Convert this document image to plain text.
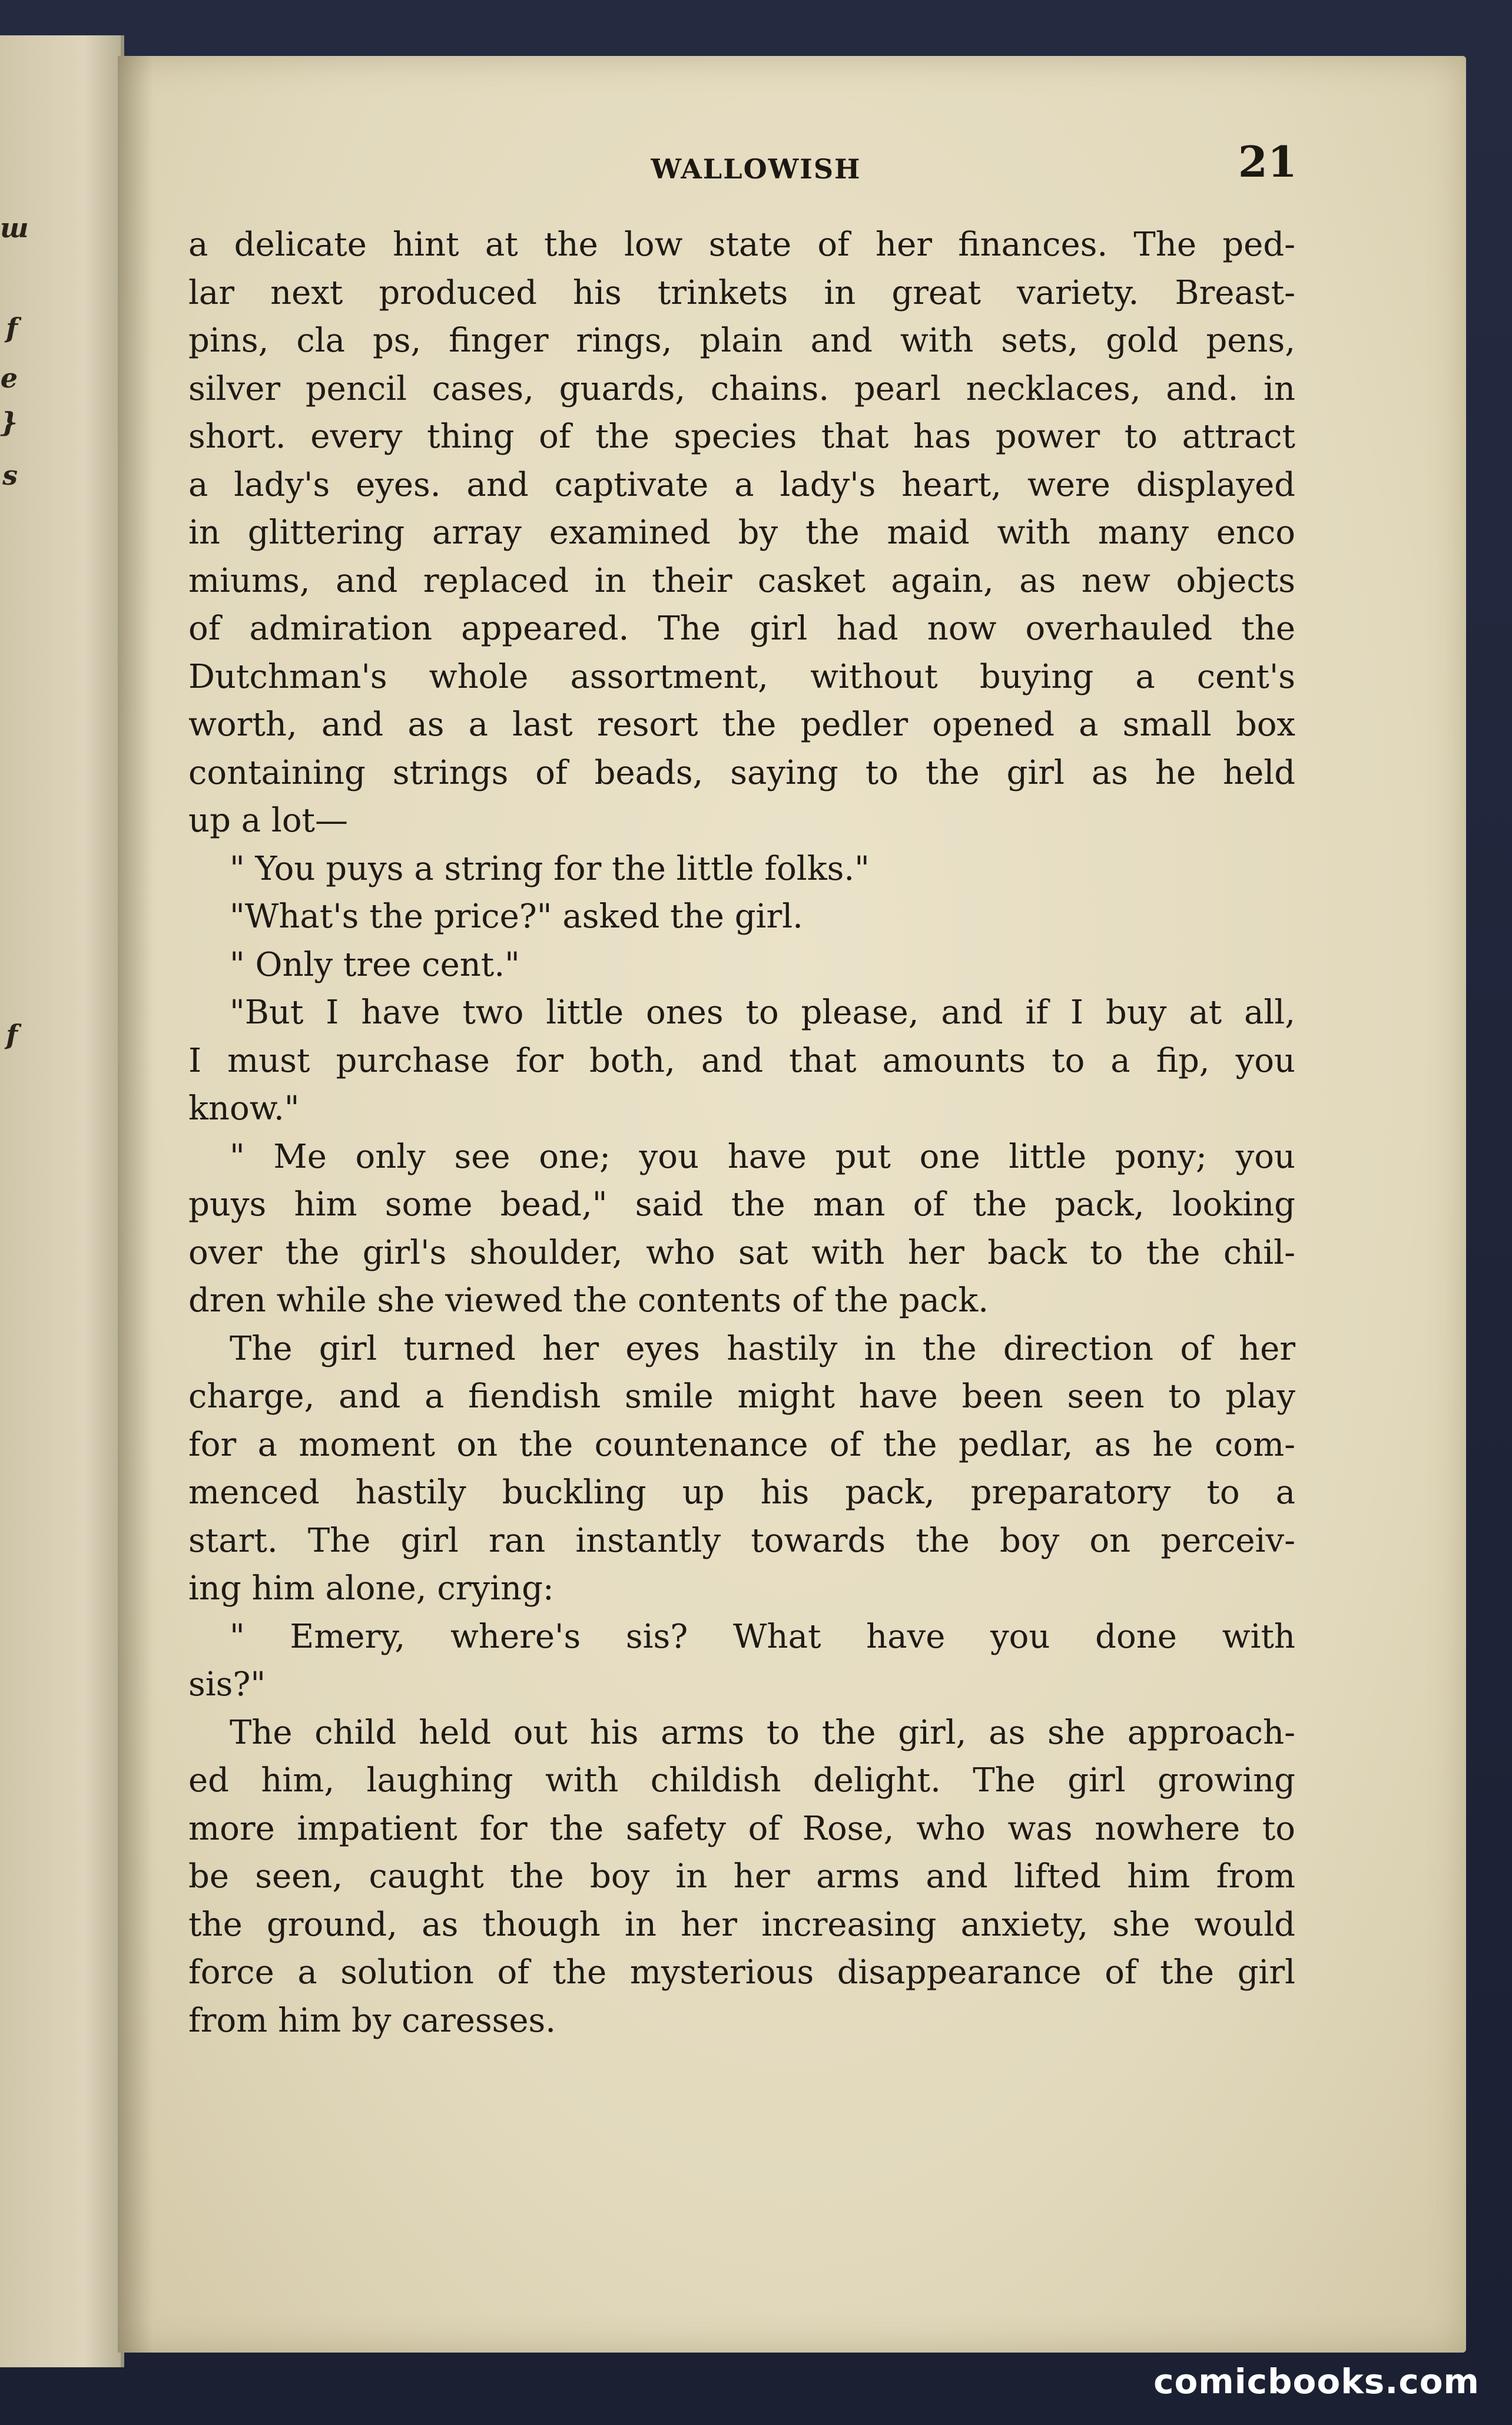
ш
f
e
}
s
f
WALLOWISH	21
a delicate hint at the low state of her finances. The ped-
lar next produced his trinkets in great variety. Breast-
pins, cla ps, finger rings, plain and with sets, gold pens,
silver pencil cases, guards, chains. pearl necklaces, and. in
short. every thing of the species that has power to attract
a lady's eyes. and captivate a lady's heart, were displayed
in glittering array examined by the maid with many enco
miums, and replaced in their casket again, as new objects
of admiration appeared. The girl had now overhauled the
Dutchman's whole assortment, without buying a cent's
worth, and as a last resort the pedler opened a small box
containing strings of beads, saying to the girl as he held
up a lot—
" You puys a string for the little folks."
"What's the price?" asked the girl.
" Only tree cent."
"But I have two little ones to please, and if I buy at all,
I must purchase for both, and that amounts to a fip, you
know."
" Me only see one; you have put one little pony; you
puys him some bead," said the man of the pack, looking
over the girl's shoulder, who sat with her back to the chil-
dren while she viewed the contents of the pack.
The girl turned her eyes hastily in the direction of her
charge, and a fiendish smile might have been seen to play
for a moment on the countenance of the pedlar, as he com-
menced hastily buckling up his pack, preparatory to a
start. The girl ran instantly towards the boy on perceiv-
ing him alone, crying:
" Emery, where's sis? What have you done with
sis?"
The child held out his arms to the girl, as she approach-
ed him, laughing with childish delight. The girl growing
more impatient for the safety of Rose, who was nowhere to
be seen, caught the boy in her arms and lifted him from
the ground, as though in her increasing anxiety, she would
force a solution of the mysterious disappearance of the girl
from him by caresses.
comicbooks.com
